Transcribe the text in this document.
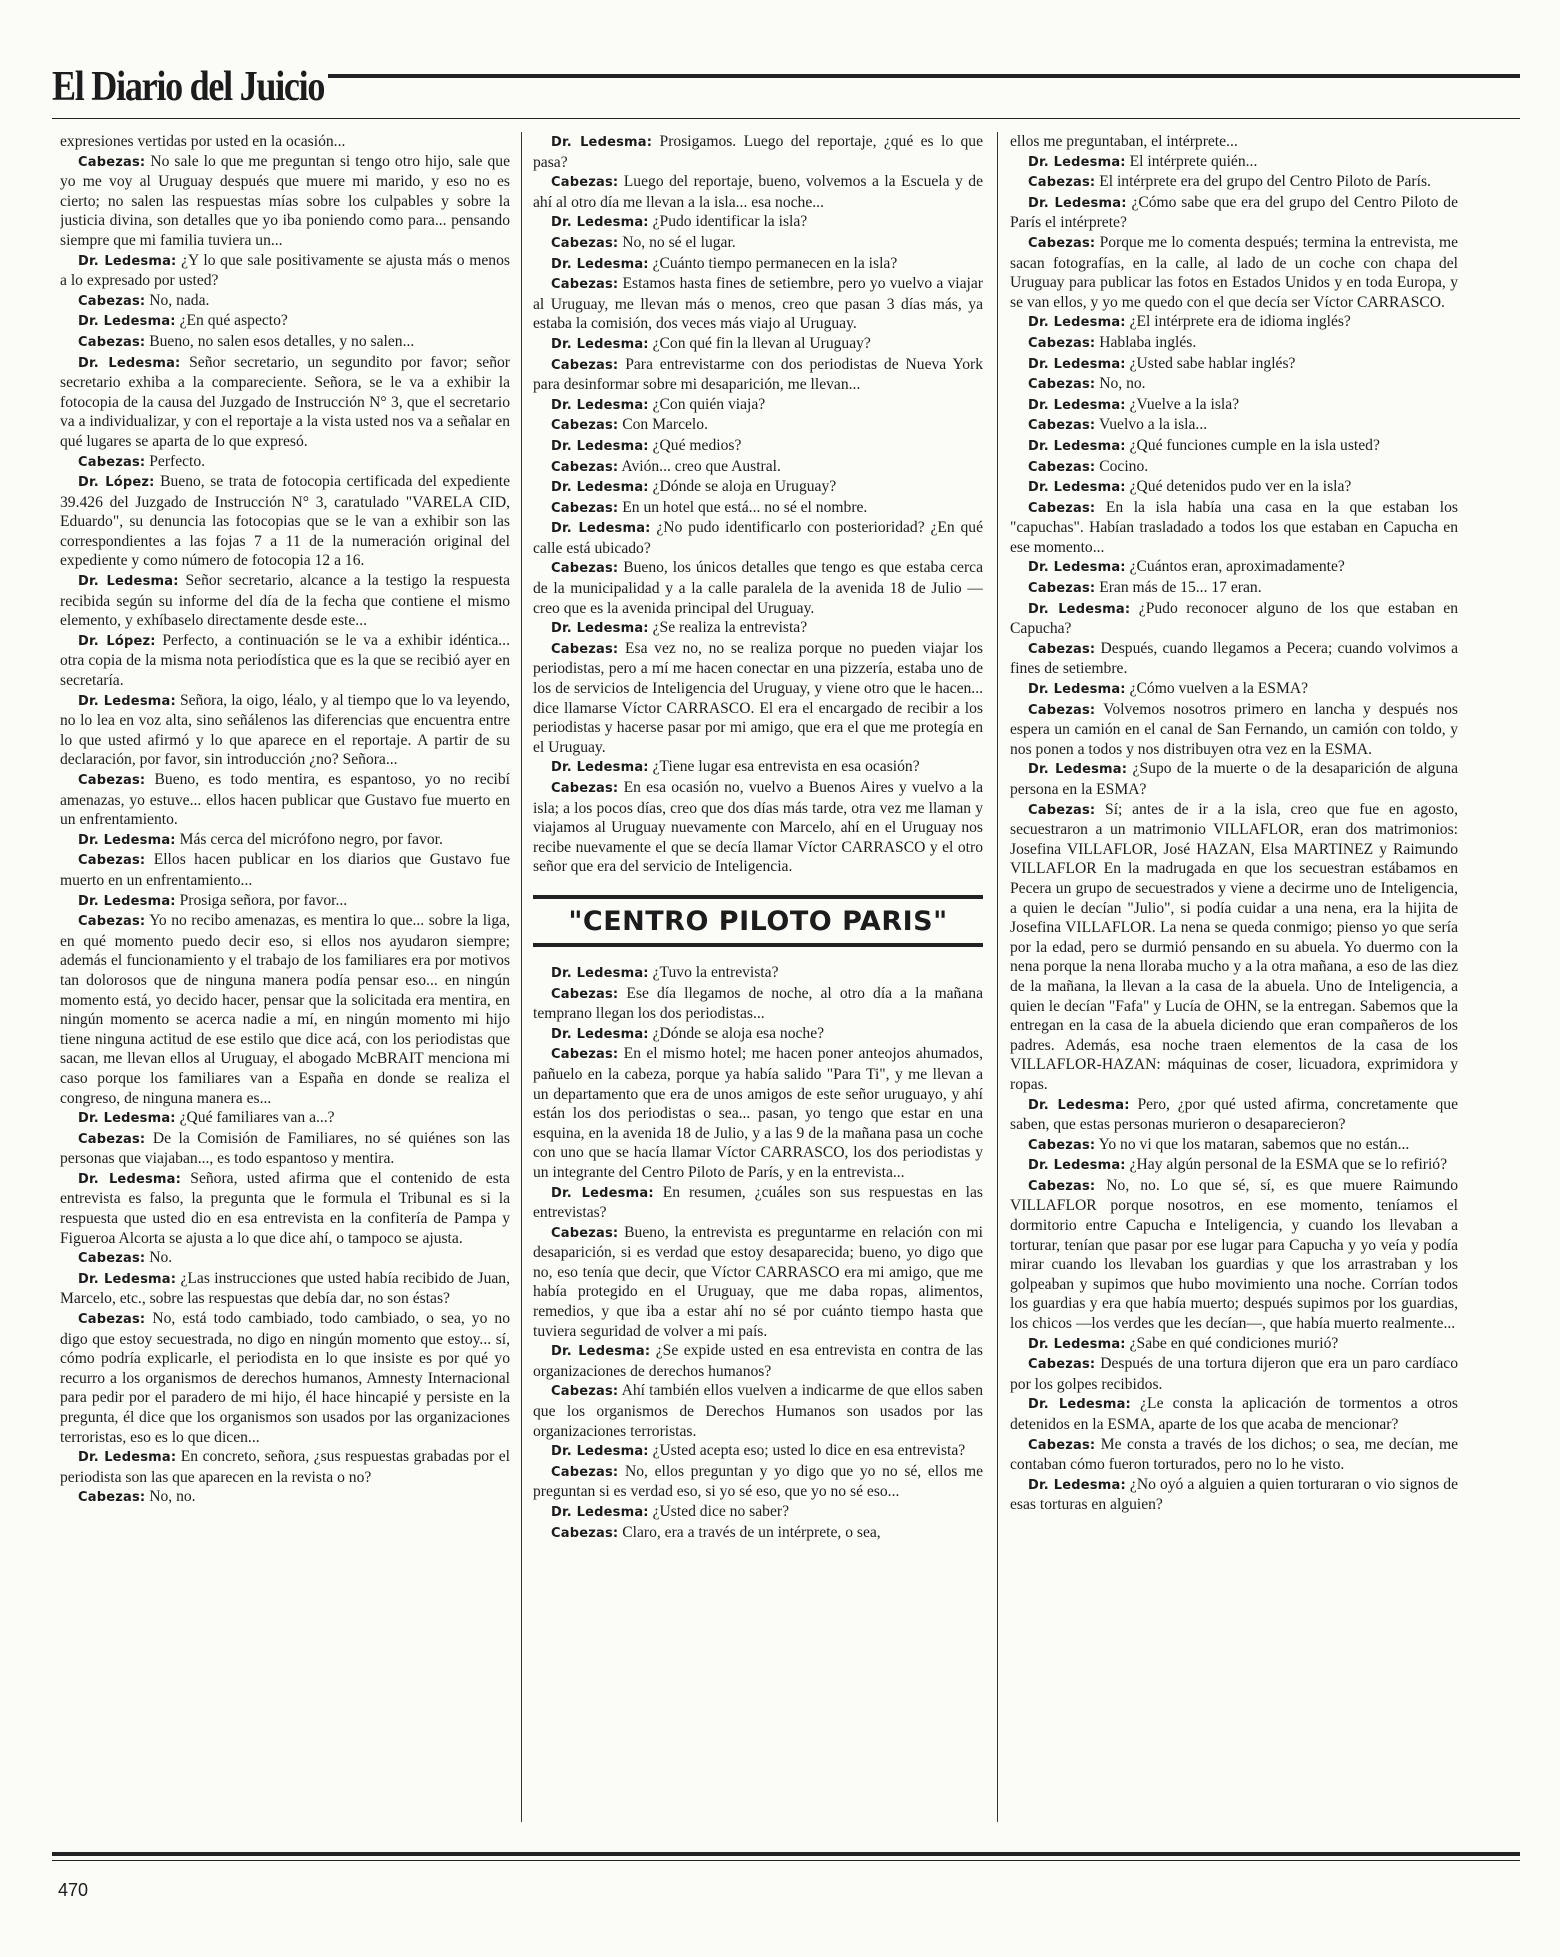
El Diario del Juicio

expresiones vertidas por usted en la ocasión...

Cabezas: No sale lo que me preguntan si tengo otro hijo, sale que yo me voy al Uruguay después que muere mi marido, y eso no es cierto; no salen las respuestas mías sobre los culpables y sobre la justicia divina, son detalles que yo iba poniendo como para... pensando siempre que mi familia tuviera un...

Dr. Ledesma: ¿Y lo que sale positivamente se ajusta más o menos a lo expresado por usted?

Cabezas: No, nada.

Dr. Ledesma: ¿En qué aspecto?

Cabezas: Bueno, no salen esos detalles, y no salen...

Dr. Ledesma: Señor secretario, un segundito por favor; señor secretario exhiba a la compareciente. Señora, se le va a exhibir la fotocopia de la causa del Juzgado de Instrucción N° 3, que el secretario va a individualizar, y con el reportaje a la vista usted nos va a señalar en qué lugares se aparta de lo que expresó.

Cabezas: Perfecto.

Dr. López: Bueno, se trata de fotocopia certificada del expediente 39.426 del Juzgado de Instrucción N° 3, caratulado "VARELA CID, Eduardo", su denuncia las fotocopias que se le van a exhibir son las correspondientes a las fojas 7 a 11 de la numeración original del expediente y como número de fotocopia 12 a 16.

Dr. Ledesma: Señor secretario, alcance a la testigo la respuesta recibida según su informe del día de la fecha que contiene el mismo elemento, y exhíbaselo directamente desde este...

Dr. López: Perfecto, a continuación se le va a exhibir idéntica... otra copia de la misma nota periodística que es la que se recibió ayer en secretaría.

Dr. Ledesma: Señora, la oigo, léalo, y al tiempo que lo va leyendo, no lo lea en voz alta, sino señálenos las diferencias que encuentra entre lo que usted afirmó y lo que aparece en el reportaje. A partir de su declaración, por favor, sin introducción ¿no? Señora...

Cabezas: Bueno, es todo mentira, es espantoso, yo no recibí amenazas, yo estuve... ellos hacen publicar que Gustavo fue muerto en un enfrentamiento.

Dr. Ledesma: Más cerca del micrófono negro, por favor.

Cabezas: Ellos hacen publicar en los diarios que Gustavo fue muerto en un enfrentamiento...

Dr. Ledesma: Prosiga señora, por favor...

Cabezas: Yo no recibo amenazas, es mentira lo que... sobre la liga, en qué momento puedo decir eso, si ellos nos ayudaron siempre; además el funcionamiento y el trabajo de los familiares era por motivos tan dolorosos que de ninguna manera podía pensar eso... en ningún momento está, yo decido hacer, pensar que la solicitada era mentira, en ningún momento se acerca nadie a mí, en ningún momento mi hijo tiene ninguna actitud de ese estilo que dice acá, con los periodistas que sacan, me llevan ellos al Uruguay, el abogado McBRAIT menciona mi caso porque los familiares van a España en donde se realiza el congreso, de ninguna manera es...

Dr. Ledesma: ¿Qué familiares van a...?

Cabezas: De la Comisión de Familiares, no sé quiénes son las personas que viajaban..., es todo espantoso y mentira.

Dr. Ledesma: Señora, usted afirma que el contenido de esta entrevista es falso, la pregunta que le formula el Tribunal es si la respuesta que usted dio en esa entrevista en la confitería de Pampa y Figueroa Alcorta se ajusta a lo que dice ahí, o tampoco se ajusta.

Cabezas: No.

Dr. Ledesma: ¿Las instrucciones que usted había recibido de Juan, Marcelo, etc., sobre las respuestas que debía dar, no son éstas?

Cabezas: No, está todo cambiado, todo cambiado, o sea, yo no digo que estoy secuestrada, no digo en ningún momento que estoy... sí, cómo podría explicarle, el periodista en lo que insiste es por qué yo recurro a los organismos de derechos humanos, Amnesty Internacional para pedir por el paradero de mi hijo, él hace hincapié y persiste en la pregunta, él dice que los organismos son usados por las organizaciones terroristas, eso es lo que dicen...

Dr. Ledesma: En concreto, señora, ¿sus respuestas grabadas por el periodista son las que aparecen en la revista o no?

Cabezas: No, no.

Dr. Ledesma: Prosigamos. Luego del reportaje, ¿qué es lo que pasa?

Cabezas: Luego del reportaje, bueno, volvemos a la Escuela y de ahí al otro día me llevan a la isla... esa noche...

Dr. Ledesma: ¿Pudo identificar la isla?

Cabezas: No, no sé el lugar.

Dr. Ledesma: ¿Cuánto tiempo permanecen en la isla?

Cabezas: Estamos hasta fines de setiembre, pero yo vuelvo a viajar al Uruguay, me llevan más o menos, creo que pasan 3 días más, ya estaba la comisión, dos veces más viajo al Uruguay.

Dr. Ledesma: ¿Con qué fin la llevan al Uruguay?

Cabezas: Para entrevistarme con dos periodistas de Nueva York para desinformar sobre mi desaparición, me llevan...

Dr. Ledesma: ¿Con quién viaja?

Cabezas: Con Marcelo.

Dr. Ledesma: ¿Qué medios?

Cabezas: Avión... creo que Austral.

Dr. Ledesma: ¿Dónde se aloja en Uruguay?

Cabezas: En un hotel que está... no sé el nombre.

Dr. Ledesma: ¿No pudo identificarlo con posterioridad? ¿En qué calle está ubicado?

Cabezas: Bueno, los únicos detalles que tengo es que estaba cerca de la municipalidad y a la calle paralela de la avenida 18 de Julio —creo que es la avenida principal del Uruguay.

Dr. Ledesma: ¿Se realiza la entrevista?

Cabezas: Esa vez no, no se realiza porque no pueden viajar los periodistas, pero a mí me hacen conectar en una pizzería, estaba uno de los de servicios de Inteligencia del Uruguay, y viene otro que le hacen... dice llamarse Víctor CARRASCO. El era el encargado de recibir a los periodistas y hacerse pasar por mi amigo, que era el que me protegía en el Uruguay.

Dr. Ledesma: ¿Tiene lugar esa entrevista en esa ocasión?

Cabezas: En esa ocasión no, vuelvo a Buenos Aires y vuelvo a la isla; a los pocos días, creo que dos días más tarde, otra vez me llaman y viajamos al Uruguay nuevamente con Marcelo, ahí en el Uruguay nos recibe nuevamente el que se decía llamar Víctor CARRASCO y el otro señor que era del servicio de Inteligencia.

"CENTRO PILOTO PARIS"

Dr. Ledesma: ¿Tuvo la entrevista?

Cabezas: Ese día llegamos de noche, al otro día a la mañana temprano llegan los dos periodistas...

Dr. Ledesma: ¿Dónde se aloja esa noche?

Cabezas: En el mismo hotel; me hacen poner anteojos ahumados, pañuelo en la cabeza, porque ya había salido "Para Ti", y me llevan a un departamento que era de unos amigos de este señor uruguayo, y ahí están los dos periodistas o sea... pasan, yo tengo que estar en una esquina, en la avenida 18 de Julio, y a las 9 de la mañana pasa un coche con uno que se hacía llamar Víctor CARRASCO, los dos periodistas y un integrante del Centro Piloto de París, y en la entrevista...

Dr. Ledesma: En resumen, ¿cuáles son sus respuestas en las entrevistas?

Cabezas: Bueno, la entrevista es preguntarme en relación con mi desaparición, si es verdad que estoy desaparecida; bueno, yo digo que no, eso tenía que decir, que Víctor CARRASCO era mi amigo, que me había protegido en el Uruguay, que me daba ropas, alimentos, remedios, y que iba a estar ahí no sé por cuánto tiempo hasta que tuviera seguridad de volver a mi país.

Dr. Ledesma: ¿Se expide usted en esa entrevista en contra de las organizaciones de derechos humanos?

Cabezas: Ahí también ellos vuelven a indicarme de que ellos saben que los organismos de Derechos Humanos son usados por las organizaciones terroristas.

Dr. Ledesma: ¿Usted acepta eso; usted lo dice en esa entrevista?

Cabezas: No, ellos preguntan y yo digo que yo no sé, ellos me preguntan si es verdad eso, si yo sé eso, que yo no sé eso...

Dr. Ledesma: ¿Usted dice no saber?

Cabezas: Claro, era a través de un intérprete, o sea,

ellos me preguntaban, el intérprete...

Dr. Ledesma: El intérprete quién...

Cabezas: El intérprete era del grupo del Centro Piloto de París.

Dr. Ledesma: ¿Cómo sabe que era del grupo del Centro Piloto de París el intérprete?

Cabezas: Porque me lo comenta después; termina la entrevista, me sacan fotografías, en la calle, al lado de un coche con chapa del Uruguay para publicar las fotos en Estados Unidos y en toda Europa, y se van ellos, y yo me quedo con el que decía ser Víctor CARRASCO.

Dr. Ledesma: ¿El intérprete era de idioma inglés?

Cabezas: Hablaba inglés.

Dr. Ledesma: ¿Usted sabe hablar inglés?

Cabezas: No, no.

Dr. Ledesma: ¿Vuelve a la isla?

Cabezas: Vuelvo a la isla...

Dr. Ledesma: ¿Qué funciones cumple en la isla usted?

Cabezas: Cocino.

Dr. Ledesma: ¿Qué detenidos pudo ver en la isla?

Cabezas: En la isla había una casa en la que estaban los "capuchas". Habían trasladado a todos los que estaban en Capucha en ese momento...

Dr. Ledesma: ¿Cuántos eran, aproximadamente?

Cabezas: Eran más de 15... 17 eran.

Dr. Ledesma: ¿Pudo reconocer alguno de los que estaban en Capucha?

Cabezas: Después, cuando llegamos a Pecera; cuando volvimos a fines de setiembre.

Dr. Ledesma: ¿Cómo vuelven a la ESMA?

Cabezas: Volvemos nosotros primero en lancha y después nos espera un camión en el canal de San Fernando, un camión con toldo, y nos ponen a todos y nos distribuyen otra vez en la ESMA.

Dr. Ledesma: ¿Supo de la muerte o de la desaparición de alguna persona en la ESMA?

Cabezas: Sí; antes de ir a la isla, creo que fue en agosto, secuestraron a un matrimonio VILLAFLOR, eran dos matrimonios: Josefina VILLAFLOR, José HAZAN, Elsa MARTINEZ y Raimundo VILLAFLOR En la madrugada en que los secuestran estábamos en Pecera un grupo de secuestrados y viene a decirme uno de Inteligencia, a quien le decían "Julio", si podía cuidar a una nena, era la hijita de Josefina VILLAFLOR. La nena se queda conmigo; pienso yo que sería por la edad, pero se durmió pensando en su abuela. Yo duermo con la nena porque la nena lloraba mucho y a la otra mañana, a eso de las diez de la mañana, la llevan a la casa de la abuela. Uno de Inteligencia, a quien le decían "Fafa" y Lucía de OHN, se la entregan. Sabemos que la entregan en la casa de la abuela diciendo que eran compañeros de los padres. Además, esa noche traen elementos de la casa de los VILLAFLOR-HAZAN: máquinas de coser, licuadora, exprimidora y ropas.

Dr. Ledesma: Pero, ¿por qué usted afirma, concretamente que saben, que estas personas murieron o desaparecieron?

Cabezas: Yo no vi que los mataran, sabemos que no están...

Dr. Ledesma: ¿Hay algún personal de la ESMA que se lo refirió?

Cabezas: No, no. Lo que sé, sí, es que muere Raimundo VILLAFLOR porque nosotros, en ese momento, teníamos el dormitorio entre Capucha e Inteligencia, y cuando los llevaban a torturar, tenían que pasar por ese lugar para Capucha y yo veía y podía mirar cuando los llevaban los guardias y que los arrastraban y los golpeaban y supimos que hubo movimiento una noche. Corrían todos los guardias y era que había muerto; después supimos por los guardias, los chicos —los verdes que les decían—, que había muerto realmente...

Dr. Ledesma: ¿Sabe en qué condiciones murió?

Cabezas: Después de una tortura dijeron que era un paro cardíaco por los golpes recibidos.

Dr. Ledesma: ¿Le consta la aplicación de tormentos a otros detenidos en la ESMA, aparte de los que acaba de mencionar?

Cabezas: Me consta a través de los dichos; o sea, me decían, me contaban cómo fueron torturados, pero no lo he visto.

Dr. Ledesma: ¿No oyó a alguien a quien torturaran o vio signos de esas torturas en alguien?

470
